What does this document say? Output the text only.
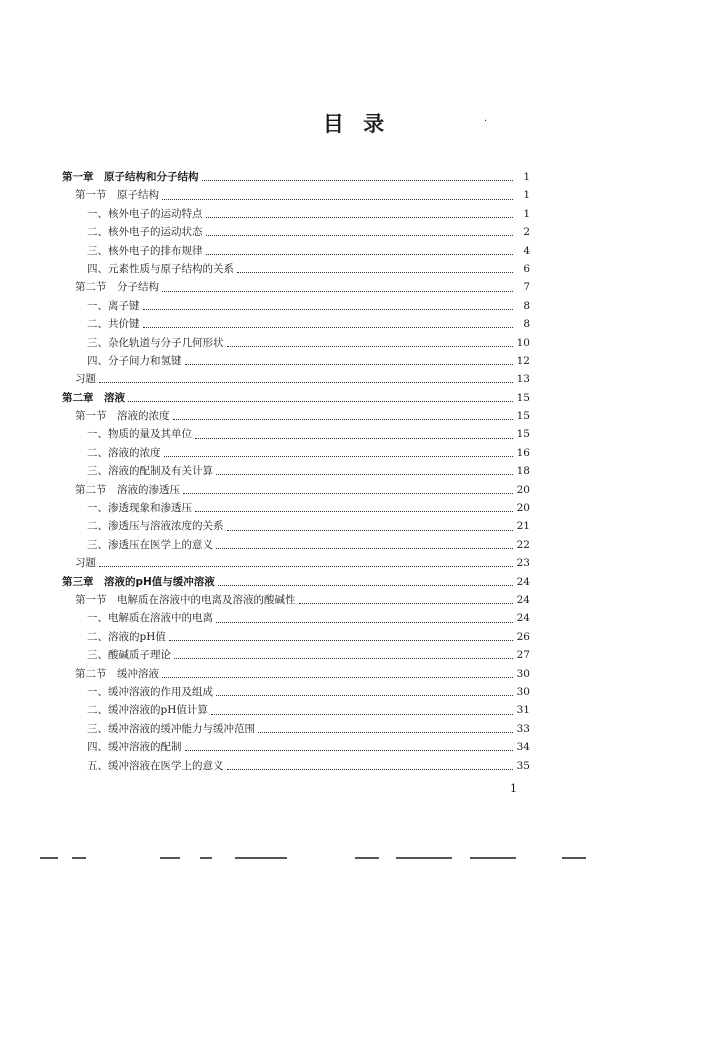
目 录	·
第一章　原子结构和分子结构	1
第一节　原子结构	1
一、核外电子的运动特点	1
二、核外电子的运动状态	2
三、核外电子的排布规律	4
四、元素性质与原子结构的关系	6
第二节　分子结构	7
一、离子键	8
二、共价键	8
三、杂化轨道与分子几何形状	10
四、分子间力和氢键	12
习题	13
第二章　溶液	15
第一节　溶液的浓度	15
一、物质的量及其单位	15
二、溶液的浓度	16
三、溶液的配制及有关计算	18
第二节　溶液的渗透压	20
一、渗透现象和渗透压	20
二、渗透压与溶液浓度的关系	21
三、渗透压在医学上的意义	22
习题	23
第三章　溶液的pH值与缓冲溶液	24
第一节　电解质在溶液中的电离及溶液的酸碱性	24
一、电解质在溶液中的电离	24
二、溶液的pH值	26
三、酸碱质子理论	27
第二节　缓冲溶液	30
一、缓冲溶液的作用及组成	30
二、缓冲溶液的pH值计算	31
三、缓冲溶液的缓冲能力与缓冲范围	33
四、缓冲溶液的配制	34
五、缓冲溶液在医学上的意义	35
1
